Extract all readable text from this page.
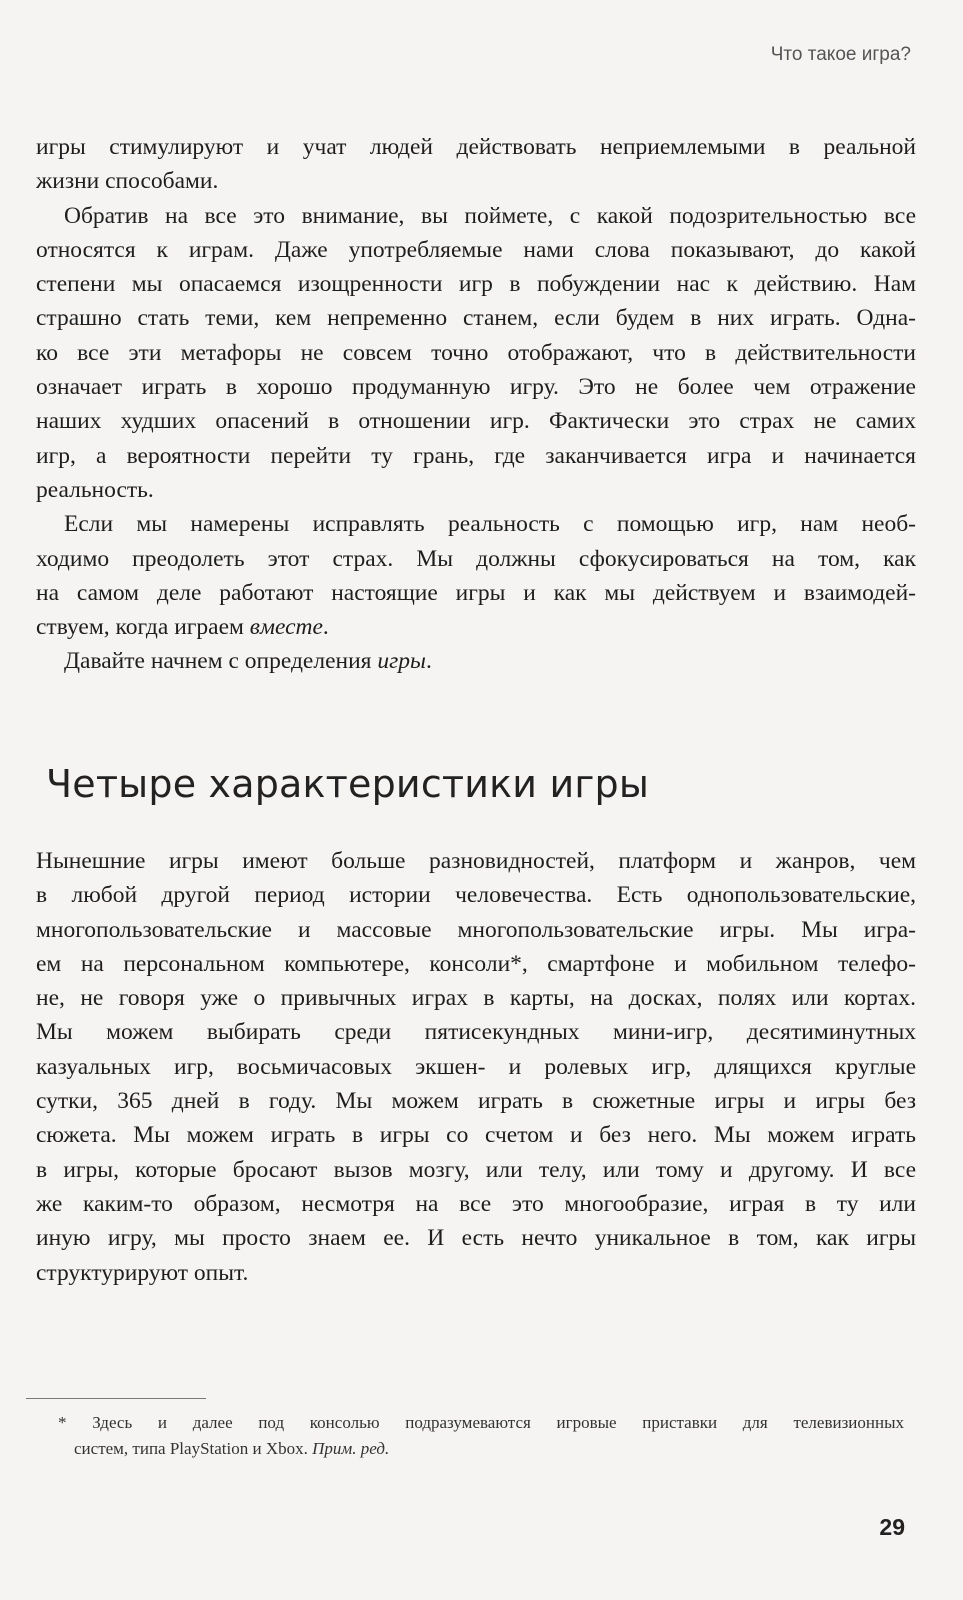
Что такое игра?
игры стимулируют и учат людей действовать неприемлемыми в реальной
жизни способами.
Обратив на все это внимание, вы поймете, с какой подозрительностью все
относятся к играм. Даже употребляемые нами слова показывают, до какой
степени мы опасаемся изощренности игр в побуждении нас к действию. Нам
страшно стать теми, кем непременно станем, если будем в них играть. Одна-
ко все эти метафоры не совсем точно отображают, что в действительности
означает играть в хорошо продуманную игру. Это не более чем отражение
наших худших опасений в отношении игр. Фактически это страх не самих
игр, а вероятности перейти ту грань, где заканчивается игра и начинается
реальность.
Если мы намерены исправлять реальность с помощью игр, нам необ-
ходимо преодолеть этот страх. Мы должны сфокусироваться на том, как
на самом деле работают настоящие игры и как мы действуем и взаимодей-
ствуем, когда играем вместе.
Давайте начнем с определения игры.
Четыре характеристики игры
Нынешние игры имеют больше разновидностей, платформ и жанров, чем
в любой другой период истории человечества. Есть однопользовательские,
многопользовательские и массовые многопользовательские игры. Мы игра-
ем на персональном компьютере, консоли*, смартфоне и мобильном телефо-
не, не говоря уже о привычных играх в карты, на досках, полях или кортах.
Мы можем выбирать среди пятисекундных мини-игр, десятиминутных
казуальных игр, восьмичасовых экшен- и ролевых игр, длящихся круглые
сутки, 365 дней в году. Мы можем играть в сюжетные игры и игры без
сюжета. Мы можем играть в игры со счетом и без него. Мы можем играть
в игры, которые бросают вызов мозгу, или телу, или тому и другому. И все
же каким-то образом, несмотря на все это многообразие, играя в ту или
иную игру, мы просто знаем ее. И есть нечто уникальное в том, как игры
структурируют опыт.
* Здесь и далее под консолью подразумеваются игровые приставки для телевизионных
систем, типа PlayStation и Xbox. Прим. ред.
29
